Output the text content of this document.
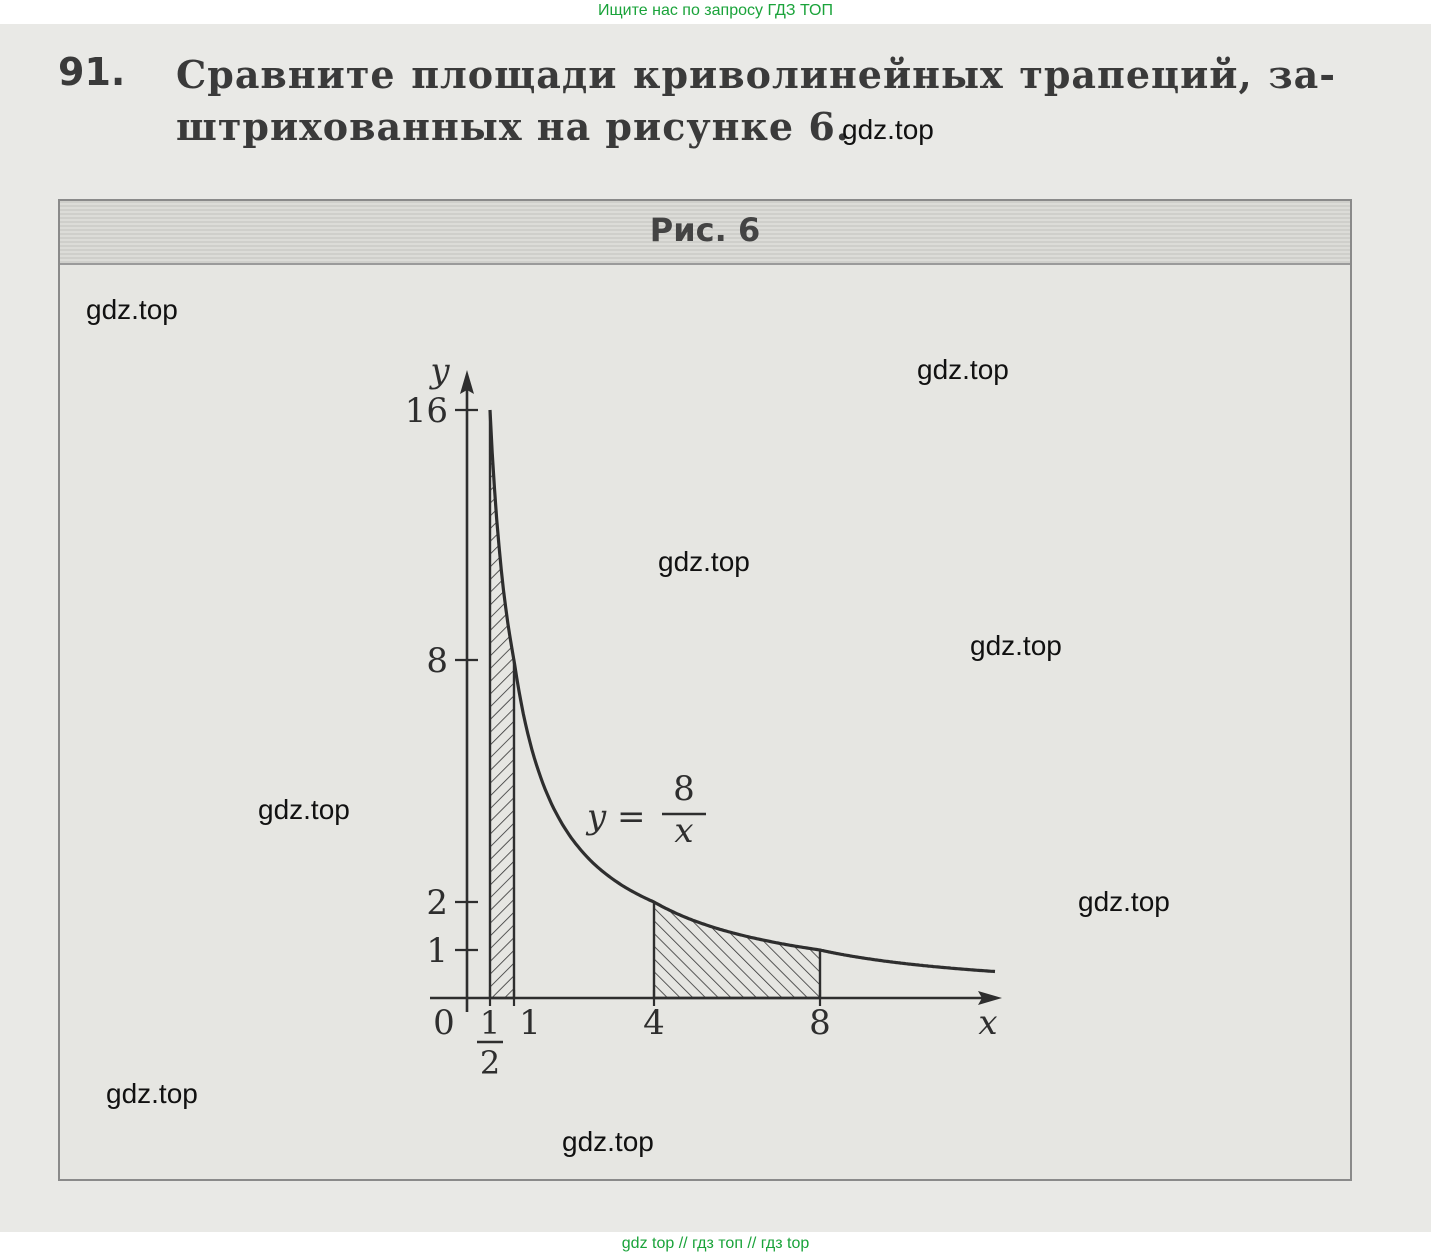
Ищите нас по запросу ГДЗ ТОП
91. Сравните площади криволинейных трапеций, за-
штрихованных на рисунке 6.
Рис. 6
x
y
0
1
2
8
16
1
2
1	4	8
y =
8
x
gdz.top
gdz.top
gdz.top
gdz.top
gdz.top
gdz.top
gdz.top
gdz.top
gdz.top
gdz top // гдз топ // гдз top
